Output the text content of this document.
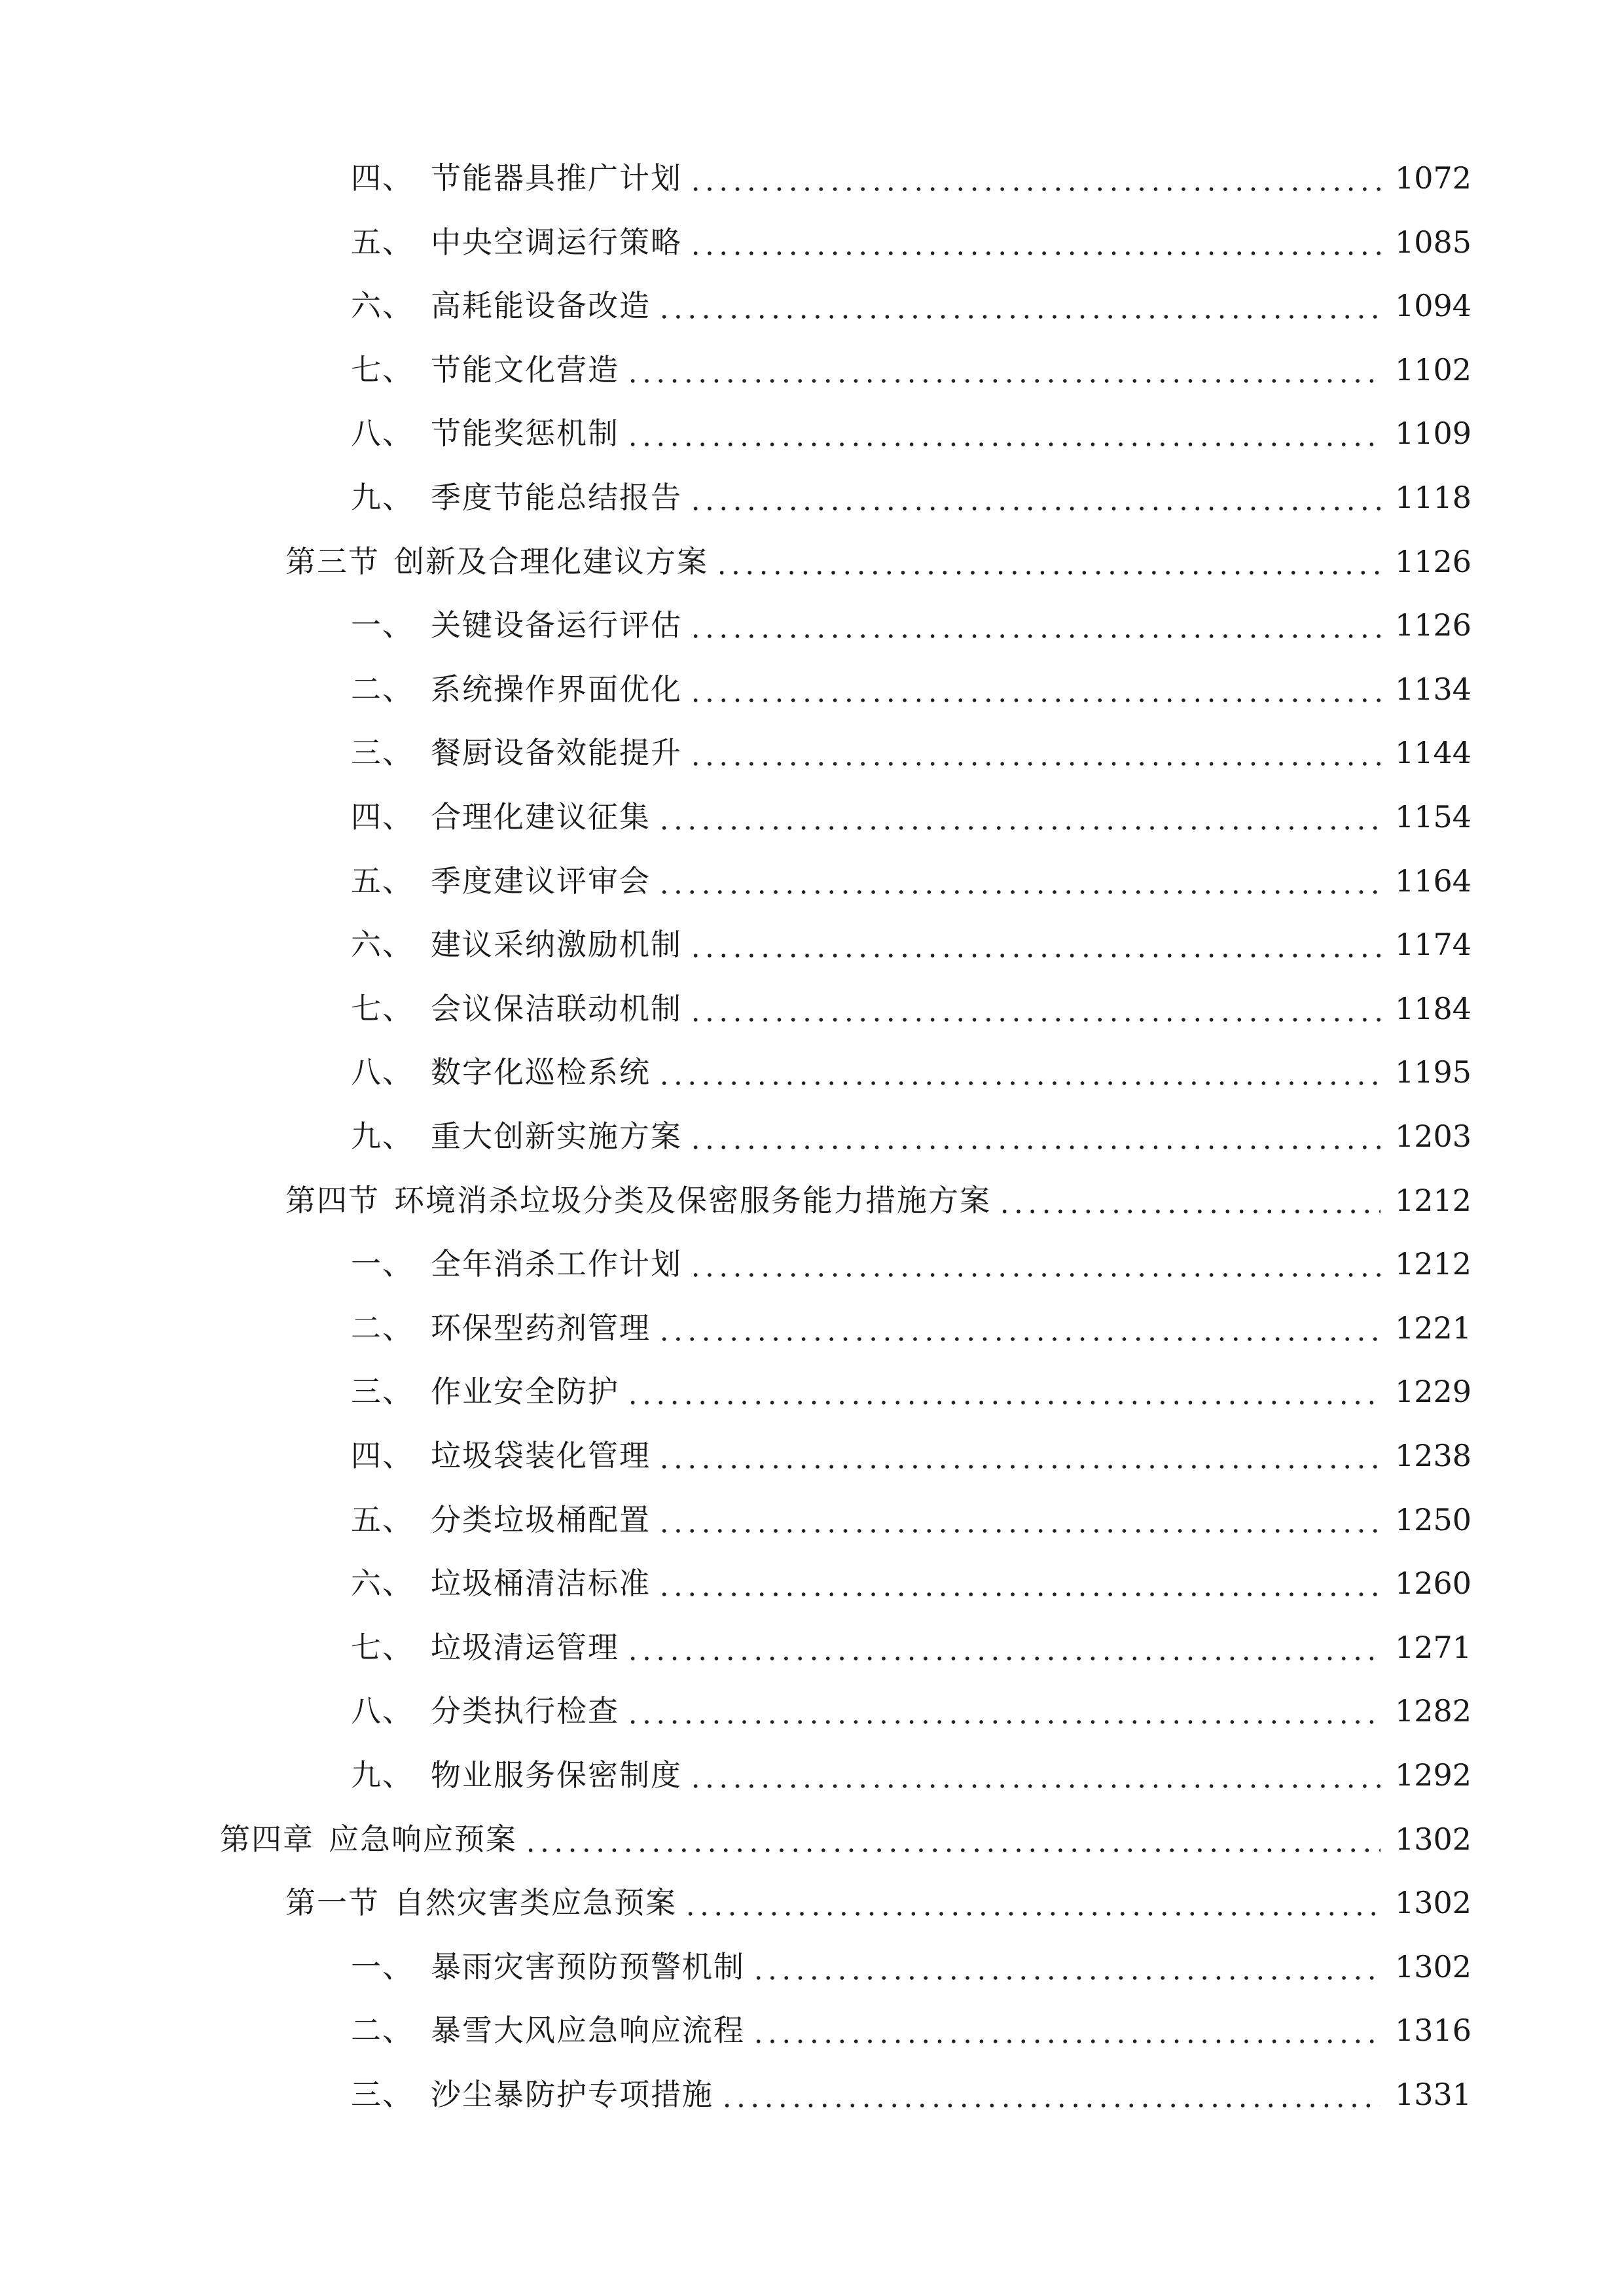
四、 节能器具推广计划	1072
五、 中央空调运行策略	1085
六、 高耗能设备改造	1094
七、 节能文化营造	1102
八、 节能奖惩机制	1109
九、 季度节能总结报告	1118
第三节 创新及合理化建议方案	1126
一、 关键设备运行评估	1126
二、 系统操作界面优化	1134
三、 餐厨设备效能提升	1144
四、 合理化建议征集	1154
五、 季度建议评审会	1164
六、 建议采纳激励机制	1174
七、 会议保洁联动机制	1184
八、 数字化巡检系统	1195
九、 重大创新实施方案	1203
第四节 环境消杀垃圾分类及保密服务能力措施方案	1212
一、 全年消杀工作计划	1212
二、 环保型药剂管理	1221
三、 作业安全防护	1229
四、 垃圾袋装化管理	1238
五、 分类垃圾桶配置	1250
六、 垃圾桶清洁标准	1260
七、 垃圾清运管理	1271
八、 分类执行检查	1282
九、 物业服务保密制度	1292
第四章 应急响应预案	1302
第一节 自然灾害类应急预案	1302
一、 暴雨灾害预防预警机制	1302
二、 暴雪大风应急响应流程	1316
三、 沙尘暴防护专项措施	1331
